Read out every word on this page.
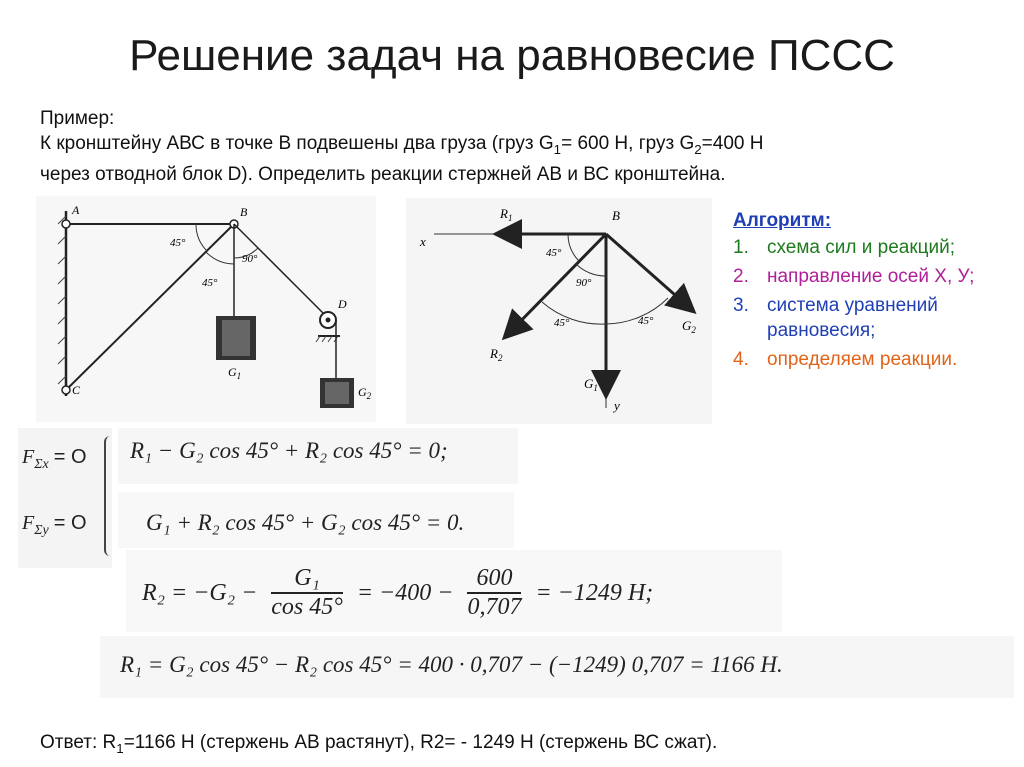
Решение задач на равновесие ПССС

Пример:

К кронштейну АВС в точке В подвешены два груза (груз $G_1= 600$ Н, груз $G_2=400$ Н

через отводной блок D). Определить реакции стержней АВ и ВС кронштейна.

A	B
C
D
$G_1$
$G_2$
45°
45°
90°
$R_1$	B
x
$R_2$
$G_2$
$G_1$
y
45°
90°
45°	45°
Алгоритм:
1. схема сил и реакций;
2. направление осей Х, У;
3. система уравнений равновесия;
4. определяем реакции.
$F_{\Sigma x} = O$
$F_{\Sigma y} = O$
R₁ − G₂ cos 45° + R₂ cos 45° = 0;
G₁ + R₂ cos 45° + G₂ cos 45° = 0.
R₂ = −G₂ −
G₁
cos 45°
= −400 −
600
0,707
= −1249 Н;
R₁ = G₂ cos 45° − R₂ cos 45° = 400 · 0,707 − (−1249) 0,707 = 1166 Н.
Ответ: $R_1=1166$ Н (стержень АВ растянут), R2= - 1249 Н (стержень ВС сжат).
